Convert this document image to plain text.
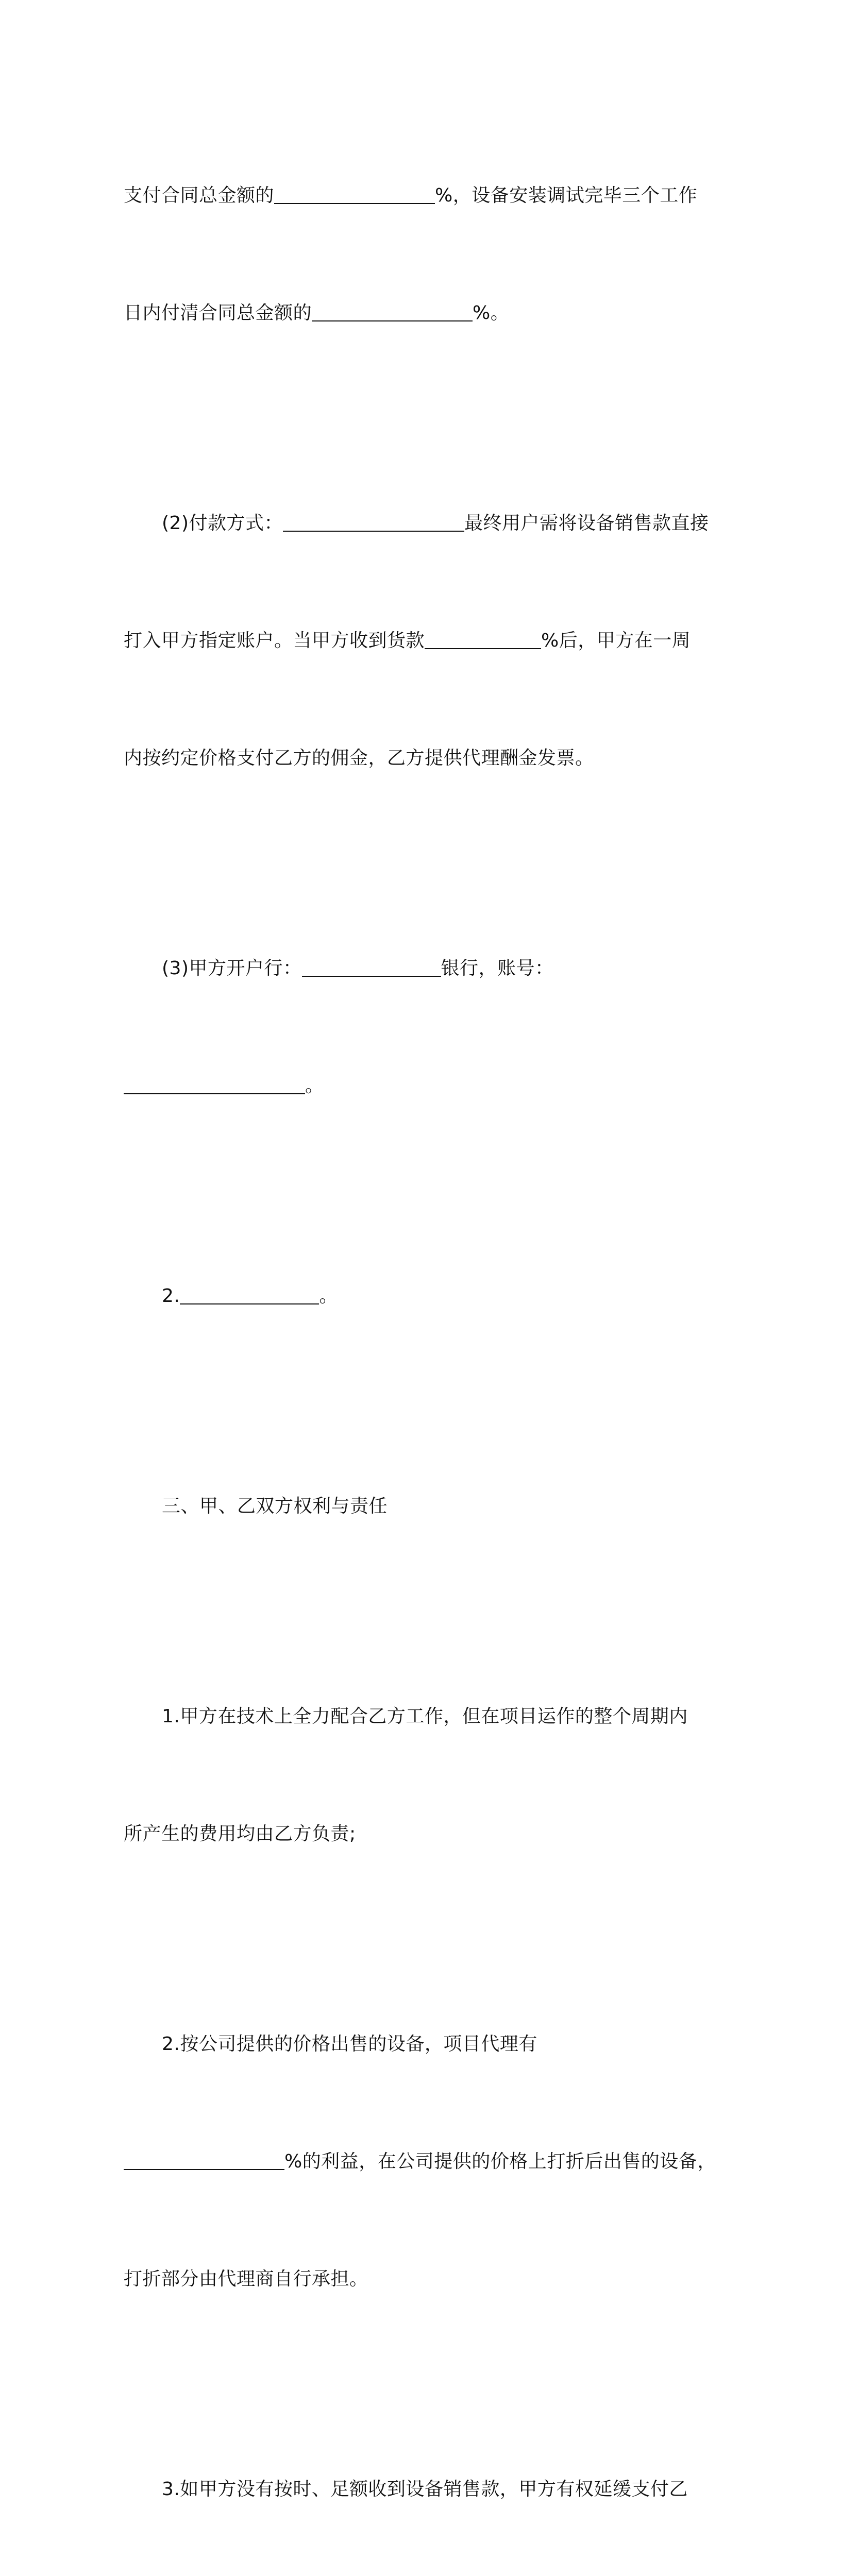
支付合同总金额的	%，设备安装调试完毕三个工作

日内付清合同总金额的	%。

(2)付款方式：	最终用户需将设备销售款直接

打入甲方指定账户。当甲方收到货款	%后，甲方在一周

内按约定价格支付乙方的佣金，乙方提供代理酬金发票。

(3)甲方开户行：	银行，账号：

。

2.	。

三、甲、乙双方权利与责任

1.甲方在技术上全力配合乙方工作，但在项目运作的整个周期内

所产生的费用均由乙方负责;

2.按公司提供的价格出售的设备，项目代理有

%的利益，在公司提供的价格上打折后出售的设备，

打折部分由代理商自行承担。

3.如甲方没有按时、足额收到设备销售款，甲方有权延缓支付乙
